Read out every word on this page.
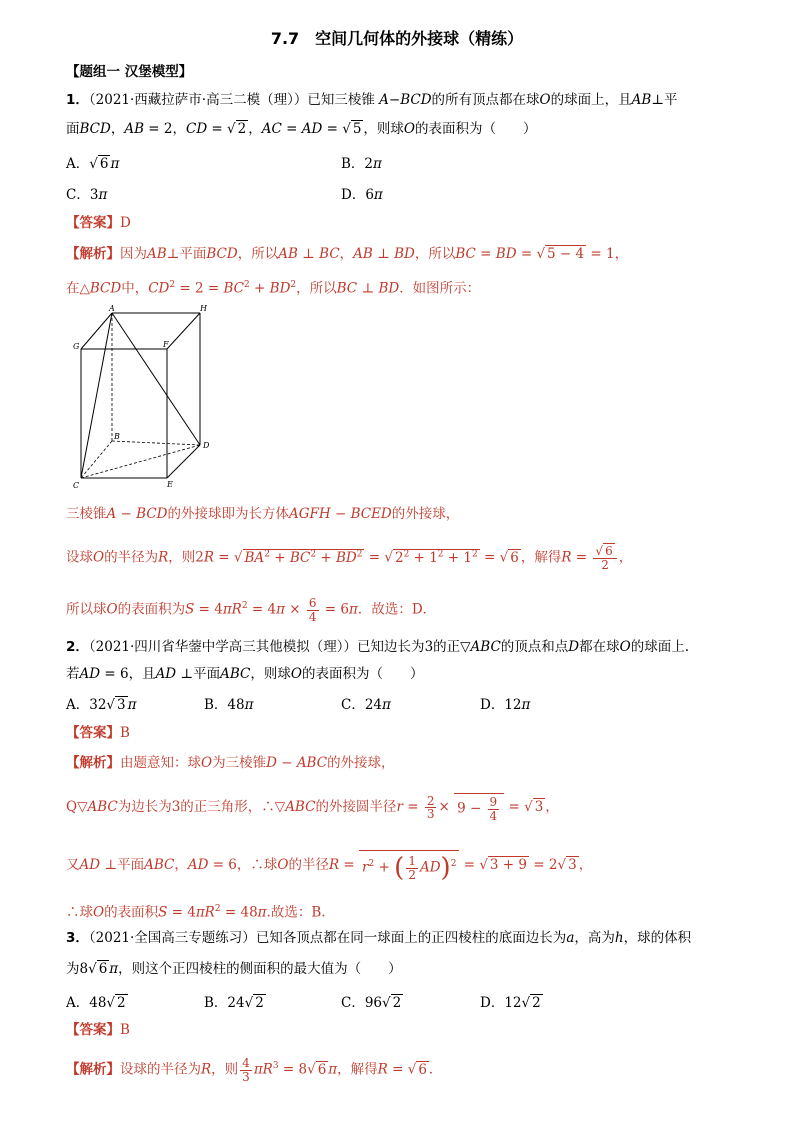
7.7　空间几何体的外接球（精练）
【题组一 汉堡模型】
1．（2021·西藏拉萨市·高三二模（理））已知三棱锥 A−BCD的所有顶点都在球O的球面上，且AB⊥平
面BCD，AB = 2，CD = √ 2 ，AC = AD = √ 5 ，则球O的表面积为（　　）
A．√ 6 π	B．2π
C．3π	D．6π
【答案】D
【解析】因为AB⊥平面BCD，所以AB ⊥ BC，AB ⊥ BD，所以BC = BD = √ 5 − 4 = 1，
在△BCD中，$CD^2 = 2 = BC^2 + BD^2$，所以BC ⊥ BD．如图所示：
A	H
G	F
B
D
C	E
三棱锥A − BCD的外接球即为长方体AGFH − BCED的外接球，
设球O的半径为R，则2R = √ $BA^2 + BC^2 + BD^2$ = √ $2^2 + 1^2 + 1^2$ = √ 6 ，解得$R = \frac{√ 6}{2}$ ，
所以球O的表面积为$S = 4\pi R^2 = 4\pi \times \frac{6}{4} = 6\pi$．故选：D．
2．（2021·四川省华蓥中学高三其他模拟（理））已知边长为3的正▽ABC的顶点和点D都在球O的球面上.
若AD = 6，且AD ⊥平面ABC，则球O的表面积为（　　）
A．32√ 3 π	B．48π	C．24π	D．12π
【答案】B
【解析】由题意知：球O为三棱锥D − ABC的外接球，
Q▽ABC为边长为3的正三角形，∴▽ABC的外接圆半径$r = \frac{2}{3} \times 9 - \frac{9}{4}$ = √ 3 ，
又AD ⊥平面ABC，AD = 6，∴球O的半径$R = r^2$ + ( $\frac{1}{2} AD)^2$ = √ 3 + 9 = 2√ 3 ，
∴球O的表面积$S = 4\pi R^2 = 48\pi$.故选：B.
3．（2021·全国高三专题练习）已知各顶点都在同一球面上的正四棱柱的底面边长为a，高为h，球的体积
为8√ 6 π，则这个正四棱柱的侧面积的最大值为（　　）
A．48√ 2	B．24√ 2	C．96√ 2	D．12√ 2
【答案】B
【解析】设球的半径为R，则 $\frac{4}{3} \pi R^3 = 8√$ 6 π，解得R = √ 6 ．
